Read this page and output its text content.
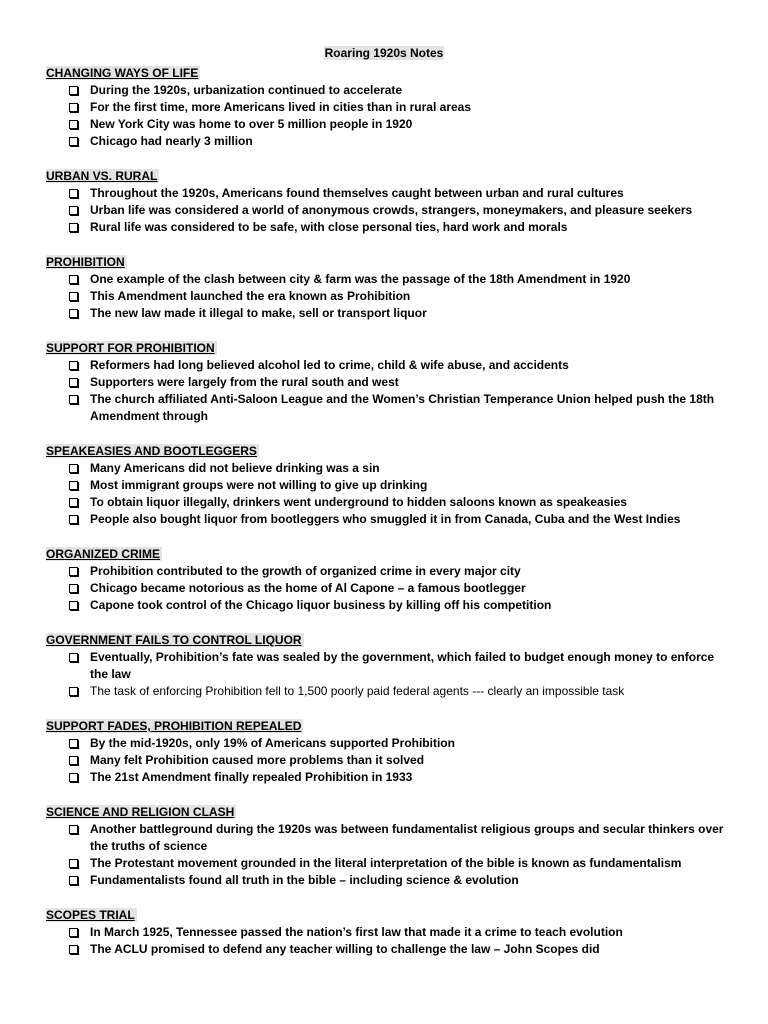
Roaring 1920s Notes
CHANGING WAYS OF LIFE
During the 1920s, urbanization continued to accelerate
For the first time, more Americans lived in cities than in rural areas
New York City was home to over 5 million people in 1920
Chicago had nearly 3 million
URBAN VS. RURAL
Throughout the 1920s, Americans found themselves caught between urban and rural cultures
Urban life was considered a world of anonymous crowds, strangers, moneymakers, and pleasure seekers
Rural life was considered to be safe, with close personal ties, hard work and morals
PROHIBITION
One example of the clash between city & farm was the passage of the 18th Amendment in 1920
This Amendment launched the era known as Prohibition
The new law made it illegal to make, sell or transport liquor
SUPPORT FOR PROHIBITION
Reformers had long believed alcohol led to crime, child & wife abuse, and accidents
Supporters were largely from the rural south and west
The church affiliated Anti-Saloon League and the Women’s Christian Temperance Union helped push the 18th Amendment through
SPEAKEASIES AND BOOTLEGGERS
Many Americans did not believe drinking was a sin
Most immigrant groups were not willing to give up drinking
To obtain liquor illegally, drinkers went underground to hidden saloons known as speakeasies
People also bought liquor from bootleggers who smuggled it in from Canada, Cuba and the West Indies
ORGANIZED CRIME
Prohibition contributed to the growth of organized crime in every major city
Chicago became notorious as the home of Al Capone – a famous bootlegger
Capone took control of the Chicago liquor business by killing off his competition
GOVERNMENT FAILS TO CONTROL LIQUOR
Eventually, Prohibition’s fate was sealed by the government, which failed to budget enough money to enforce the law
The task of enforcing Prohibition fell to 1,500 poorly paid federal agents --- clearly an impossible task
SUPPORT FADES, PROHIBITION REPEALED
By the mid-1920s, only 19% of Americans supported Prohibition
Many felt Prohibition caused more problems than it solved
The 21st Amendment finally repealed Prohibition in 1933
SCIENCE AND RELIGION CLASH
Another battleground during the 1920s was between fundamentalist religious groups and secular thinkers over the truths of science
The Protestant movement grounded in the literal interpretation of the bible is known as fundamentalism
Fundamentalists found all truth in the bible – including science & evolution
SCOPES TRIAL
In March 1925, Tennessee passed the nation’s first law that made it a crime to teach evolution
The ACLU promised to defend any teacher willing to challenge the law – John Scopes did
